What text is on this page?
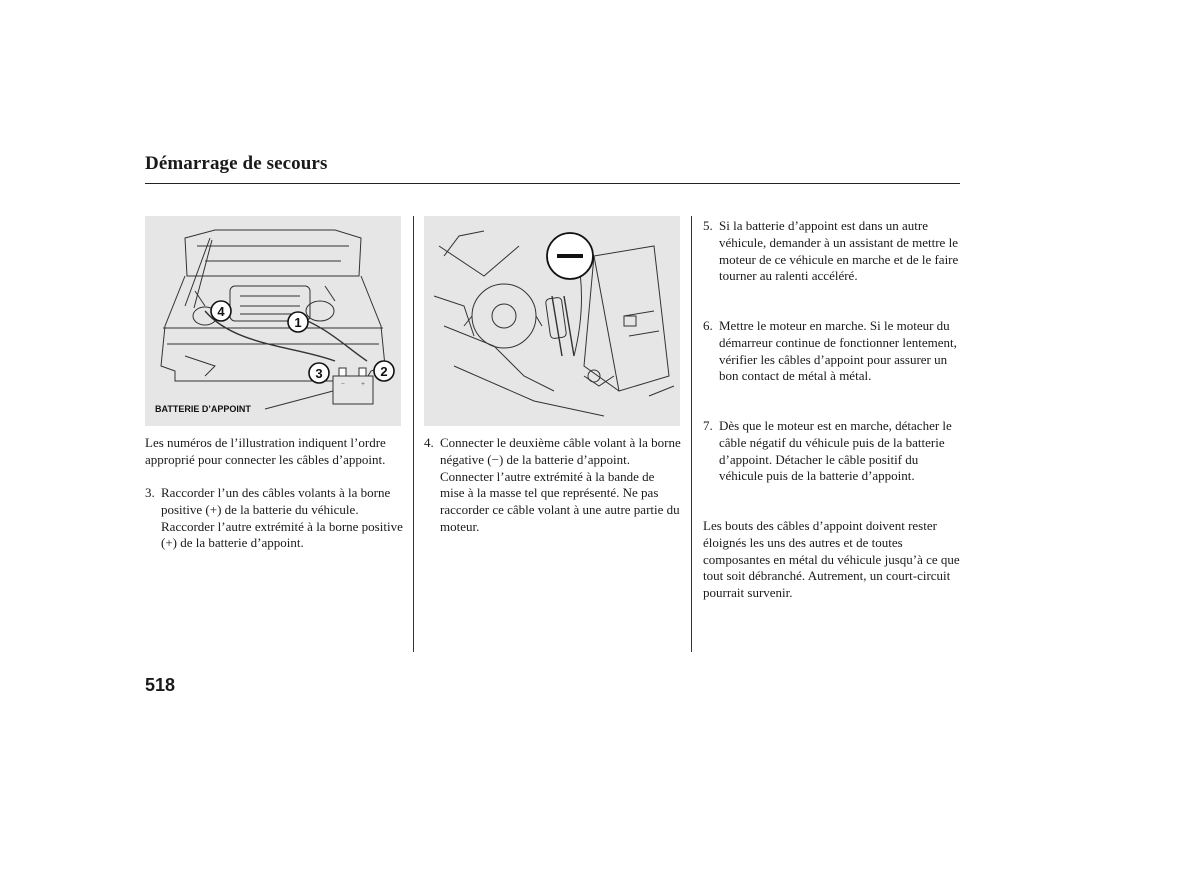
Démarrage de secours
− +
4
1
3	2
BATTERIE D’APPOINT
Les numéros de l’illustration indiquent l’ordre approprié pour connecter les câbles d’appoint.
3. Raccorder l’un des câbles volants à la borne positive (+) de la batterie du véhicule. Raccorder l’autre extrémité à la borne positive (+) de la batterie d’appoint.
4. Connecter le deuxième câble volant à la borne négative (−) de la batterie d’appoint. Connecter l’autre extrémité à la bande de mise à la masse tel que représenté. Ne pas raccorder ce câble volant à une autre partie du moteur.
5. Si la batterie d’appoint est dans un autre véhicule, demander à un assistant de mettre le moteur de ce véhicule en marche et de le faire tourner au ralenti accéléré.
6. Mettre le moteur en marche. Si le moteur du démarreur continue de fonctionner lentement, vérifier les câbles d’appoint pour assurer un bon contact de métal à métal.
7. Dès que le moteur est en marche, détacher le câble négatif du véhicule puis de la batterie d’appoint. Détacher le câble positif du véhicule puis de la batterie d’appoint.
Les bouts des câbles d’appoint doivent rester éloignés les uns des autres et de toutes composantes en métal du véhicule jusqu’à ce que tout soit débranché. Autrement, un court-circuit pourrait survenir.
518
